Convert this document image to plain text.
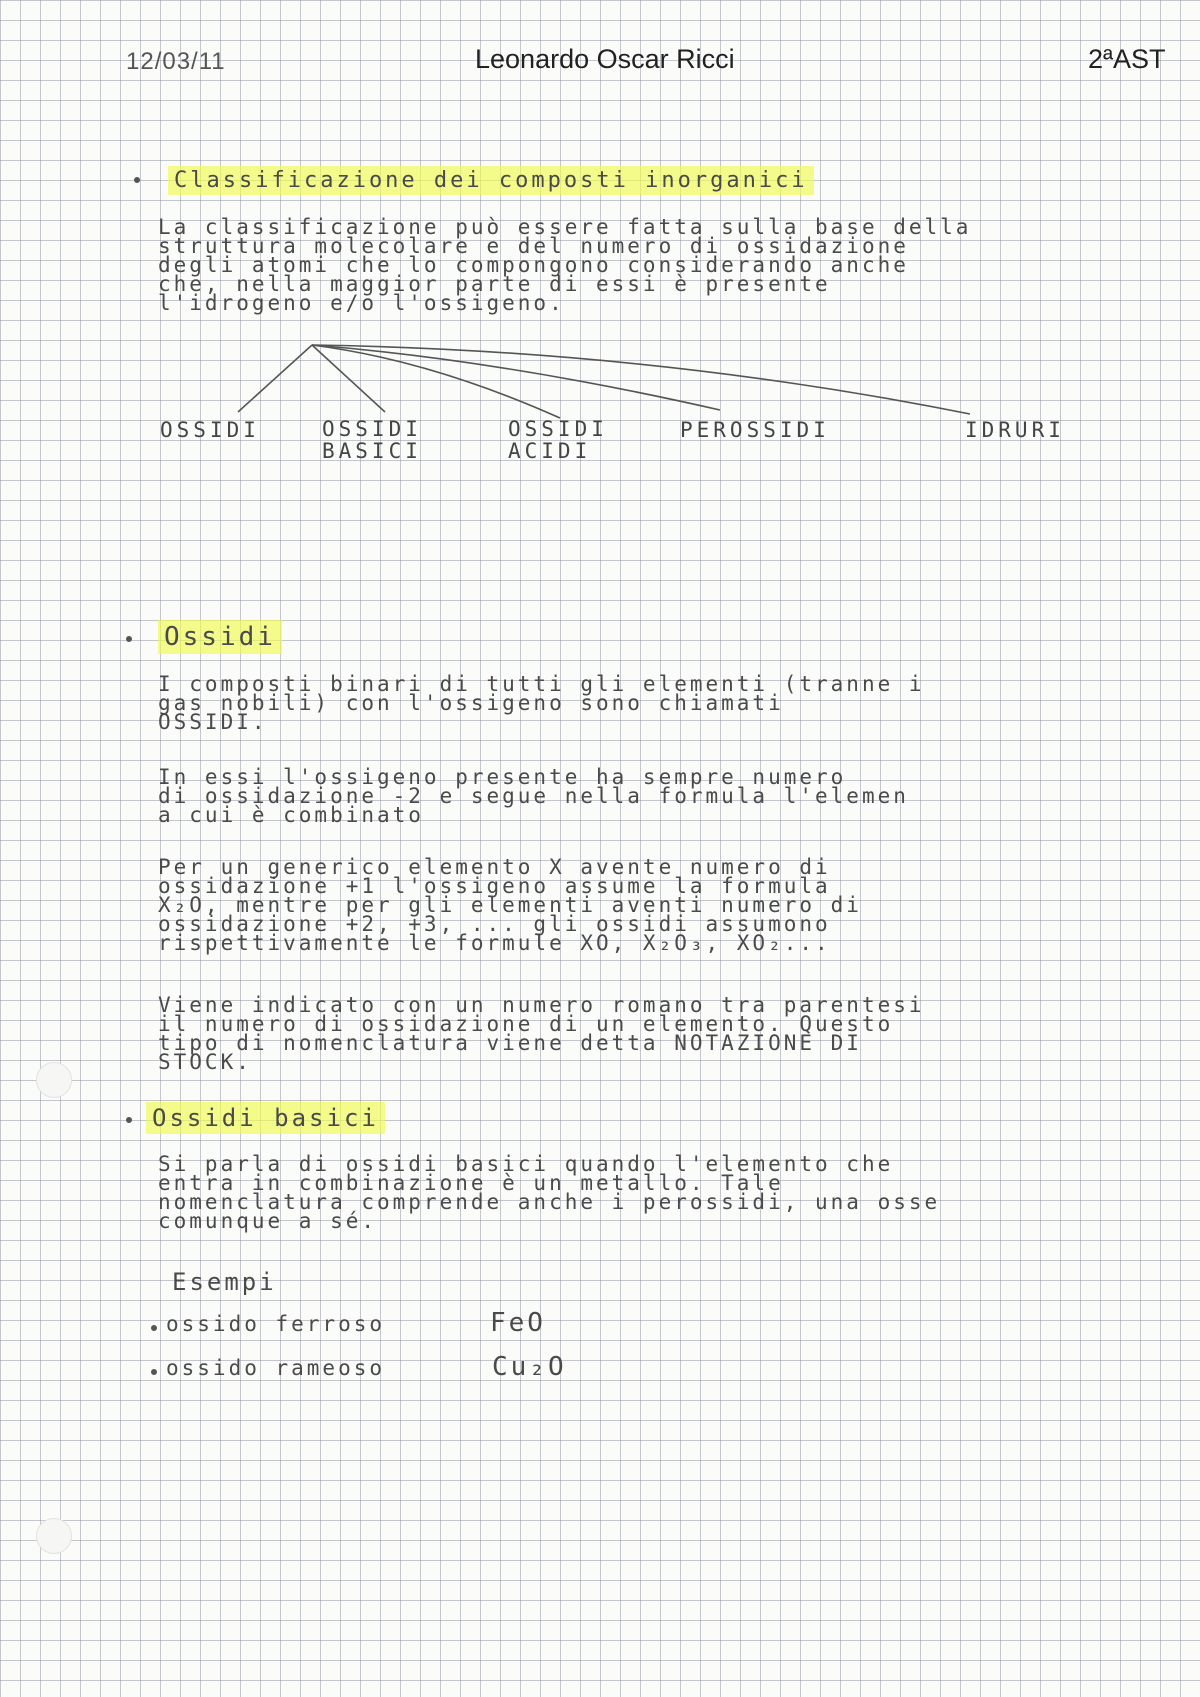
12/03/11	Leonardo Oscar Ricci	2ªAST
Classificazione dei composti inorganici
La classificazione può essere fatta sulla base della
struttura molecolare e del numero di ossidazione
degli atomi che lo compongono considerando anche
che, nella maggior parte di essi è presente
l'idrogeno e/o l'ossigeno.
OSSIDI	OSSIDI
BASICI
OSSIDI
ACIDI
PEROSSIDI	IDRURI
Ossidi
I composti binari di tutti gli elementi (tranne i
gas nobili) con l'ossigeno sono chiamati
OSSIDI.
In essi l'ossigeno presente ha sempre numero
di ossidazione -2 e segue nella formula l'elemen
a cui è combinato
Per un generico elemento X avente numero di
ossidazione +1 l'ossigeno assume la formula
X₂O, mentre per gli elementi aventi numero di
ossidazione +2, +3, ... gli ossidi assumono
rispettivamente le formule XO, X₂O₃, XO₂...
Viene indicato con un numero romano tra parentesi
il numero di ossidazione di un elemento. Questo
tipo di nomenclatura viene detta NOTAZIONE DI
STOCK.
Ossidi basici
Si parla di ossidi basici quando l'elemento che
entra in combinazione è un metallo. Tale
nomenclatura comprende anche i perossidi, una osse
comunque a sé.
Esempi
ossido ferroso	FeO
ossido rameoso	Cu₂O
